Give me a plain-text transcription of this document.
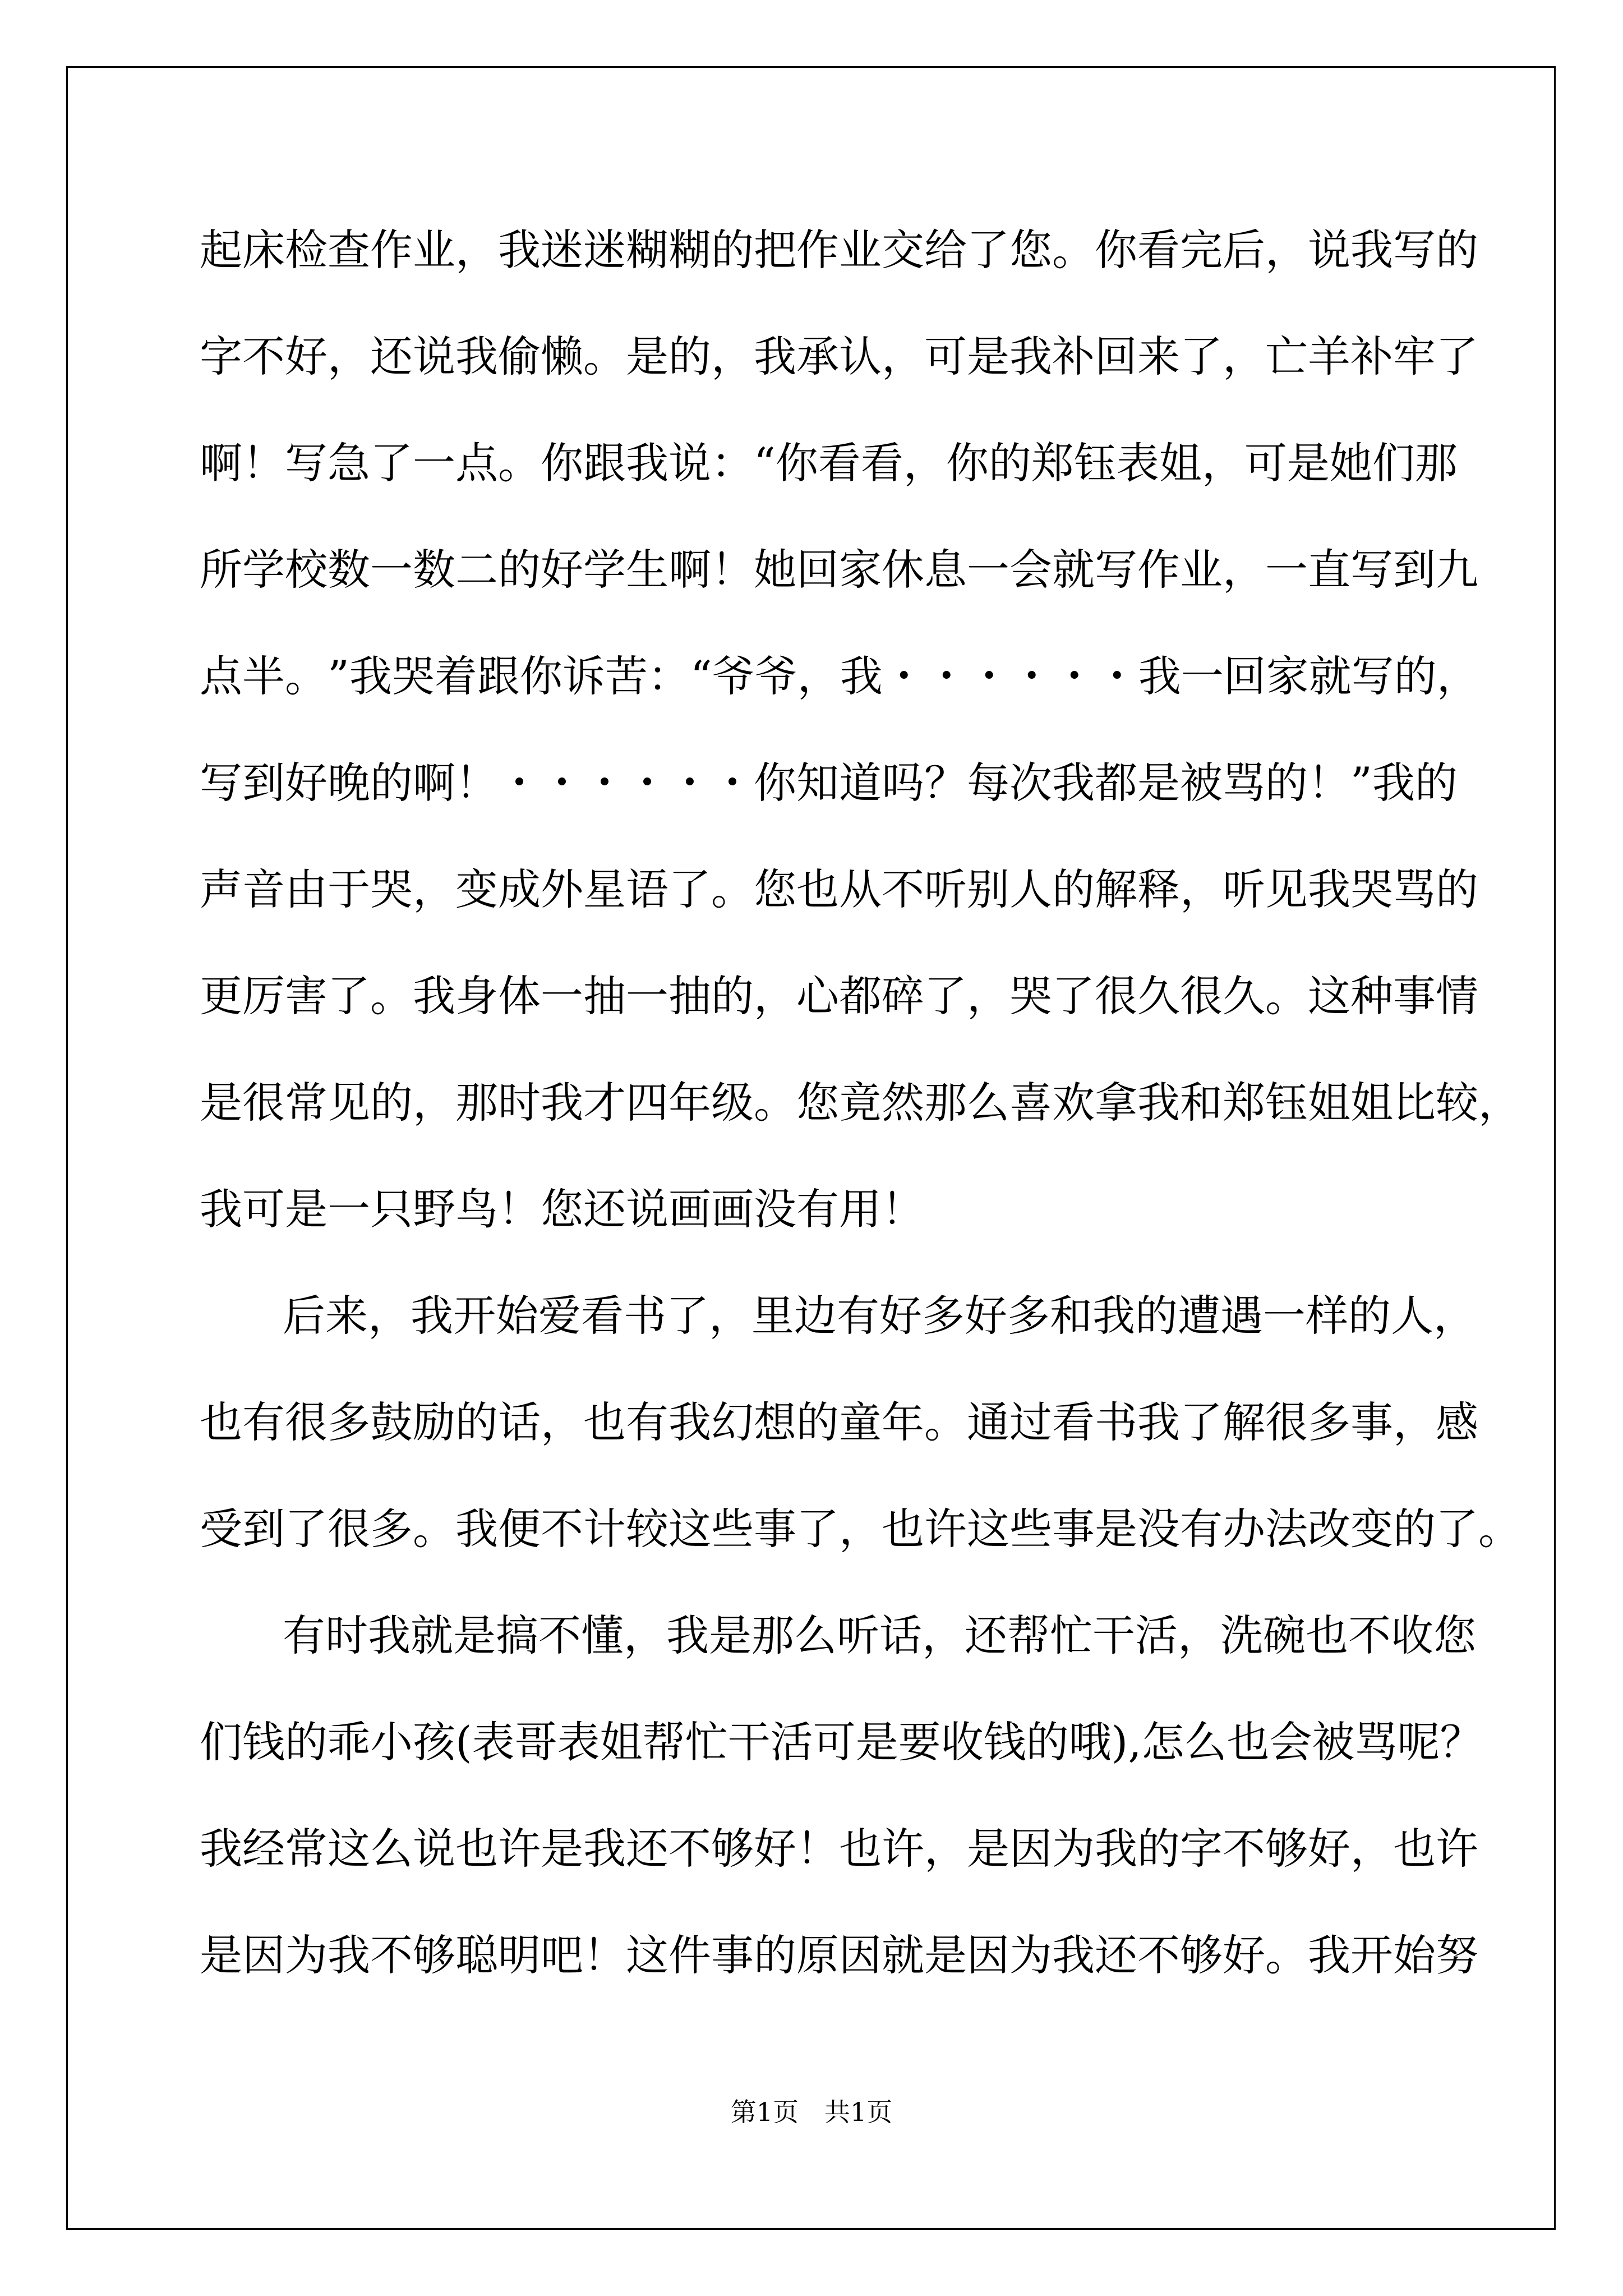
起 床 检 查 作 业 ， 我 迷 迷 糊 糊 的 把 作 业 交 给 了 您 。 你 看 完 后 ， 说 我 写 的
字 不 好 ， 还 说 我 偷 懒 。 是 的 ， 我 承 认 ， 可 是 我 补 回 来 了 ， 亡 羊 补 牢 了
啊 ！ 写 急 了 一 点 。 你 跟 我 说 ： “ 你 看 看 ， 你 的 郑 钰 表 姐 ， 可 是 她 们 那
所 学 校 数 一 数 二 的 好 学 生 啊 ！ 她 回 家 休 息 一 会 就 写 作 业 ， 一 直 写 到 九
点 半 。 ” 我 哭 着 跟 你 诉 苦 ： “ 爷 爷 ， 我 ・ ・ ・ ・ ・ ・ 我 一 回 家 就 写 的 ，
写 到 好 晚 的 啊 ！ ・ ・ ・ ・ ・ ・ 你 知 道 吗 ？ 每 次 我 都 是 被 骂 的 ！ ” 我 的
声 音 由 于 哭 ， 变 成 外 星 语 了 。 您 也 从 不 听 别 人 的 解 释 ， 听 见 我 哭 骂 的
更 厉 害 了 。 我 身 体 一 抽 一 抽 的 ， 心 都 碎 了 ， 哭 了 很 久 很 久 。 这 种 事 情
是 很 常 见 的 ， 那 时 我 才 四 年 级 。 您 竟 然 那 么 喜 欢 拿 我 和 郑 钰 姐 姐 比 较 ，
我可是一只野鸟！您还说画画没有用！
后 来 ， 我 开 始 爱 看 书 了 ， 里 边 有 好 多 好 多 和 我 的 遭 遇 一 样 的 人 ，
也 有 很 多 鼓 励 的 话 ， 也 有 我 幻 想 的 童 年 。 通 过 看 书 我 了 解 很 多 事 ， 感
受 到 了 很 多 。 我 便 不 计 较 这 些 事 了 ， 也 许 这 些 事 是 没 有 办 法 改 变 的 了 。
有 时 我 就 是 搞 不 懂 ， 我 是 那 么 听 话 ， 还 帮 忙 干 活 ， 洗 碗 也 不 收 您
们 钱 的 乖 小 孩 ( 表 哥 表 姐 帮 忙 干 活 可 是 要 收 钱 的 哦 ) , 怎 么 也 会 被 骂 呢 ？
我 经 常 这 么 说 也 许 是 我 还 不 够 好 ！ 也 许 ， 是 因 为 我 的 字 不 够 好 ， 也 许
是 因 为 我 不 够 聪 明 吧 ！ 这 件 事 的 原 因 就 是 因 为 我 还 不 够 好 。 我 开 始 努
第1页　共1页
